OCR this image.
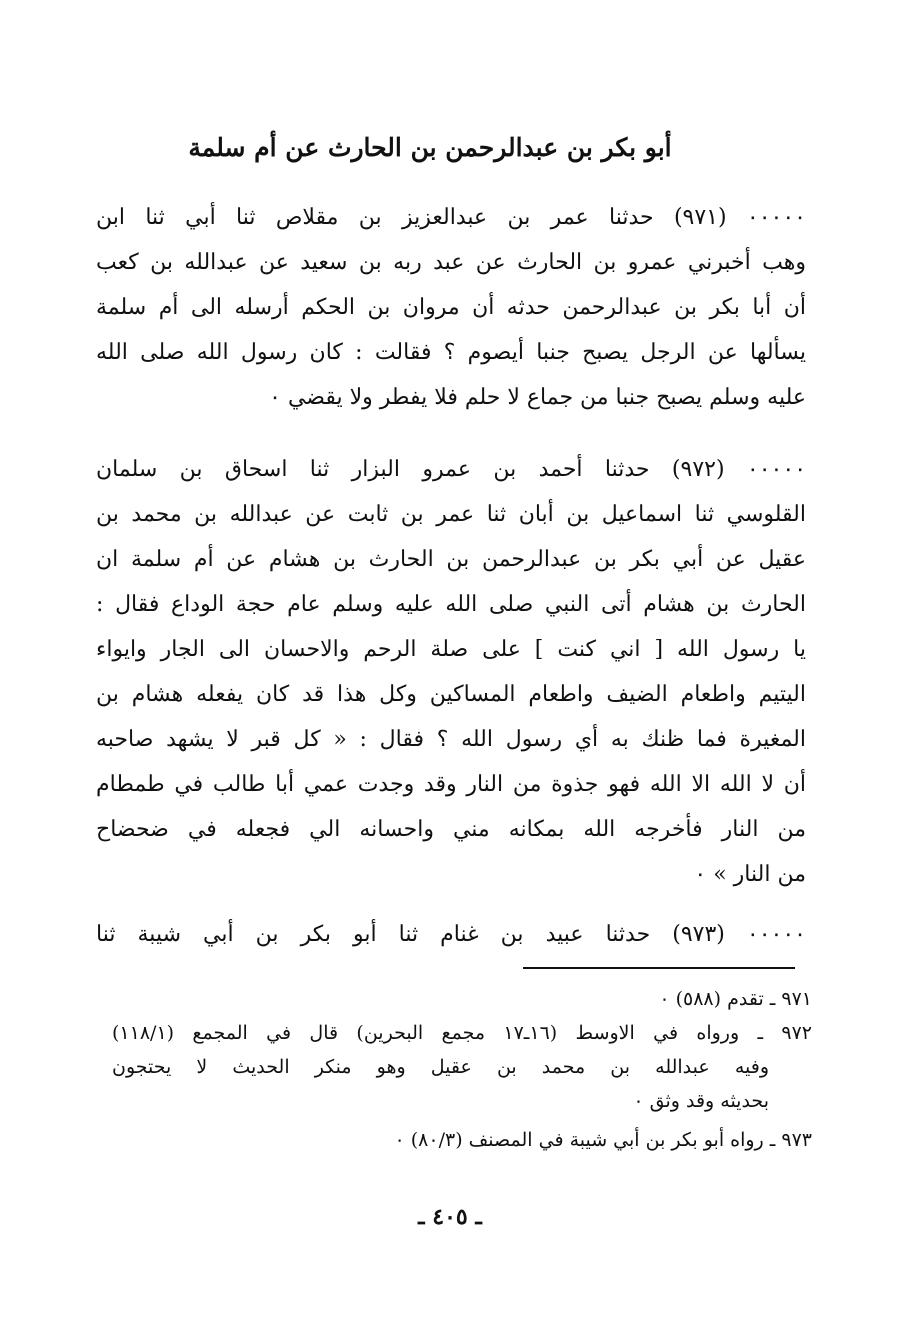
أبو بكر بن عبدالرحمن بن الحارث عن أم سلمة
٠٠٠٠٠ (٩٧١) حدثنا عمر بن عبدالعزيز بن مقلاص ثنا أبي ثنا ابن
وهب أخبرني عمرو بن الحارث عن عبد ربه بن سعيد عن عبدالله بن كعب
أن أبا بكر بن عبدالرحمن حدثه أن مروان بن الحكم أرسله الى أم سلمة
يسألها عن الرجل يصبح جنبا أيصوم ؟ فقالت : كان رسول الله صلى الله
عليه وسلم يصبح جنبا من جماع لا حلم فلا يفطر ولا يقضي ٠
٠٠٠٠٠ (٩٧٢) حدثنا أحمد بن عمرو البزار ثنا اسحاق بن سلمان
القلوسي ثنا اسماعيل بن أبان ثنا عمر بن ثابت عن عبدالله بن محمد بن
عقيل عن أبي بكر بن عبدالرحمن بن الحارث بن هشام عن أم سلمة ان
الحارث بن هشام أتى النبي صلى الله عليه وسلم عام حجة الوداع فقال :
يا رسول الله [ اني كنت ] على صلة الرحم والاحسان الى الجار وايواء
اليتيم واطعام الضيف واطعام المساكين وكل هذا قد كان يفعله هشام بن
المغيرة فما ظنك به أي رسول الله ؟ فقال : « كل قبر لا يشهد صاحبه
أن لا الله الا الله فهو جذوة من النار وقد وجدت عمي أبا طالب في طمطام
من النار فأخرجه الله بمكانه مني واحسانه الي فجعله في ضحضاح
من النار » ٠
٠٠٠٠٠ (٩٧٣) حدثنا عبيد بن غنام ثنا أبو بكر بن أبي شيبة ثنا
٩٧١ ـ تقدم (٥٨٨) ٠
٩٧٢ ـ ورواه في الاوسط (١٦ـ١٧ مجمع البحرين) قال في المجمع (١١٨/١)
وفيه عبدالله بن محمد بن عقيل وهو منكر الحديث لا يحتجون
بحديثه وقد وثق ٠
٩٧٣ ـ رواه أبو بكر بن أبي شيبة في المصنف (٨٠/٣) ٠
ـ ٤٠٥ ـ
